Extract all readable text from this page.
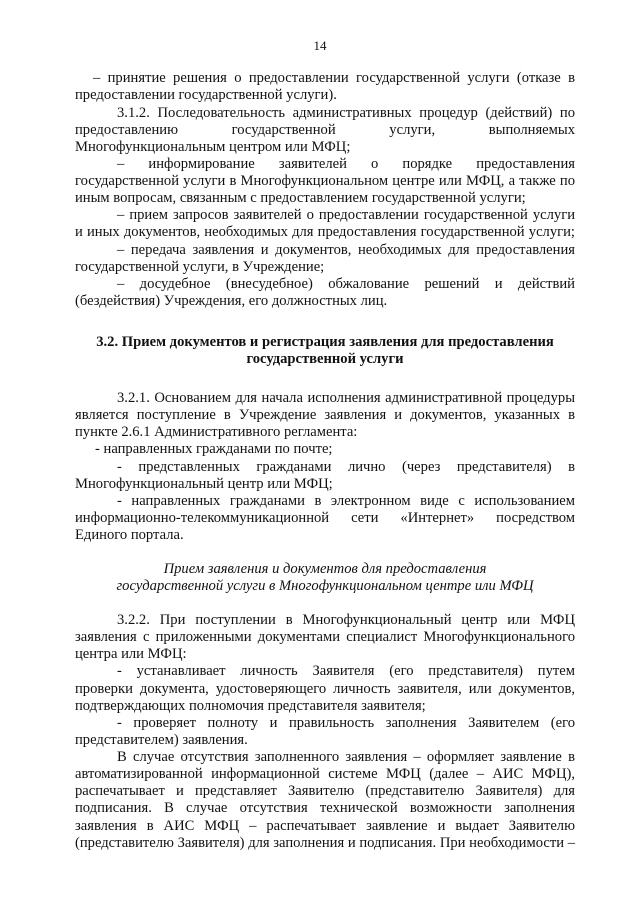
14
– принятие решения о предоставлении государственной услуги (отказе в
предоставлении государственной услуги).
3.1.2. Последовательность административных процедур (действий) по
предоставлению государственной услуги, выполняемых
Многофункциональным центром или МФЦ;
– информирование заявителей о порядке предоставления
государственной услуги в Многофункциональном центре или МФЦ, а также по
иным вопросам, связанным с предоставлением государственной услуги;
– прием запросов заявителей о предоставлении государственной услуги
и иных документов, необходимых для предоставления государственной услуги;
– передача заявления и документов, необходимых для предоставления
государственной услуги, в Учреждение;
– досудебное (внесудебное) обжалование решений и действий
(бездействия) Учреждения, его должностных лиц.
3.2. Прием документов и регистрация заявления для предоставления
государственной услуги
3.2.1. Основанием для начала исполнения административной процедуры
является поступление в Учреждение заявления и документов, указанных в
пункте 2.6.1 Административного регламента:
- направленных гражданами по почте;
- представленных гражданами лично (через представителя) в
Многофункциональный центр или МФЦ;
- направленных гражданами в электронном виде с использованием
информационно-телекоммуникационной сети «Интернет» посредством
Единого портала.
Прием заявления и документов для предоставления
государственной услуги в Многофункциональном центре или МФЦ
3.2.2. При поступлении в Многофункциональный центр или МФЦ
заявления с приложенными документами специалист Многофункционального
центра или МФЦ:
- устанавливает личность Заявителя (его представителя) путем
проверки документа, удостоверяющего личность заявителя, или документов,
подтверждающих полномочия представителя заявителя;
- проверяет полноту и правильность заполнения Заявителем (его
представителем) заявления.
В случае отсутствия заполненного заявления – оформляет заявление в
автоматизированной информационной системе МФЦ (далее – АИС МФЦ),
распечатывает и представляет Заявителю (представителю Заявителя) для
подписания. В случае отсутствия технической возможности заполнения
заявления в АИС МФЦ – распечатывает заявление и выдает Заявителю
(представителю Заявителя) для заполнения и подписания. При необходимости –
